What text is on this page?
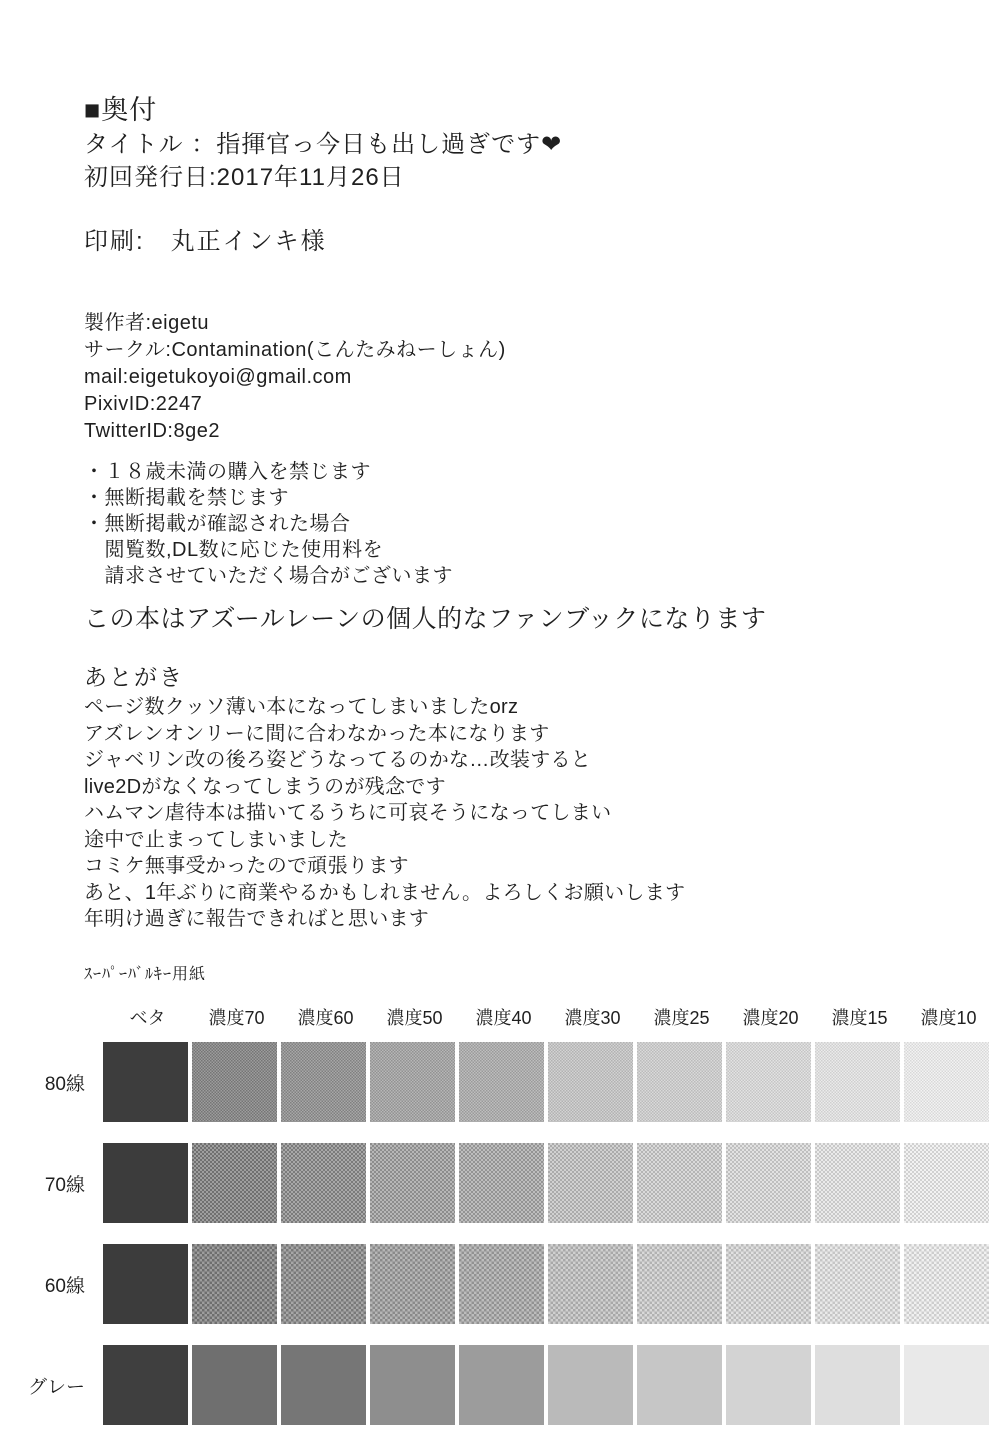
■奥付
タイトル ：指揮官っ今日も出し過ぎです❤
初回発行日:2017年11月26日
印刷:　丸正インキ様
製作者:eigetu
サークル:Contamination(こんたみねーしょん)
mail:eigetukoyoi@gmail.com
PixivID:2247
TwitterID:8ge2
・１８歳未満の購入を禁じます
・無断掲載を禁じます
・無断掲載が確認された場合
　閲覧数,DL数に応じた使用料を
　請求させていただく場合がございます
この本はアズールレーンの個人的なファンブックになります
あとがき
ページ数クッソ薄い本になってしまいましたorz
アズレンオンリーに間に合わなかった本になります
ジャベリン改の後ろ姿どうなってるのかな…改装すると
live2Dがなくなってしまうのが残念です
ハムマン虐待本は描いてるうちに可哀そうになってしまい
途中で止まってしまいました
コミケ無事受かったので頑張ります
あと、1年ぶりに商業やるかもしれません。よろしくお願いします
年明け過ぎに報告できればと思います
ｽｰﾊﾟｰﾊﾞﾙｷｰ用紙
ベタ	濃度70	濃度60	濃度50	濃度40	濃度30	濃度25	濃度20	濃度15	濃度10
80線
70線
60線
グレー
